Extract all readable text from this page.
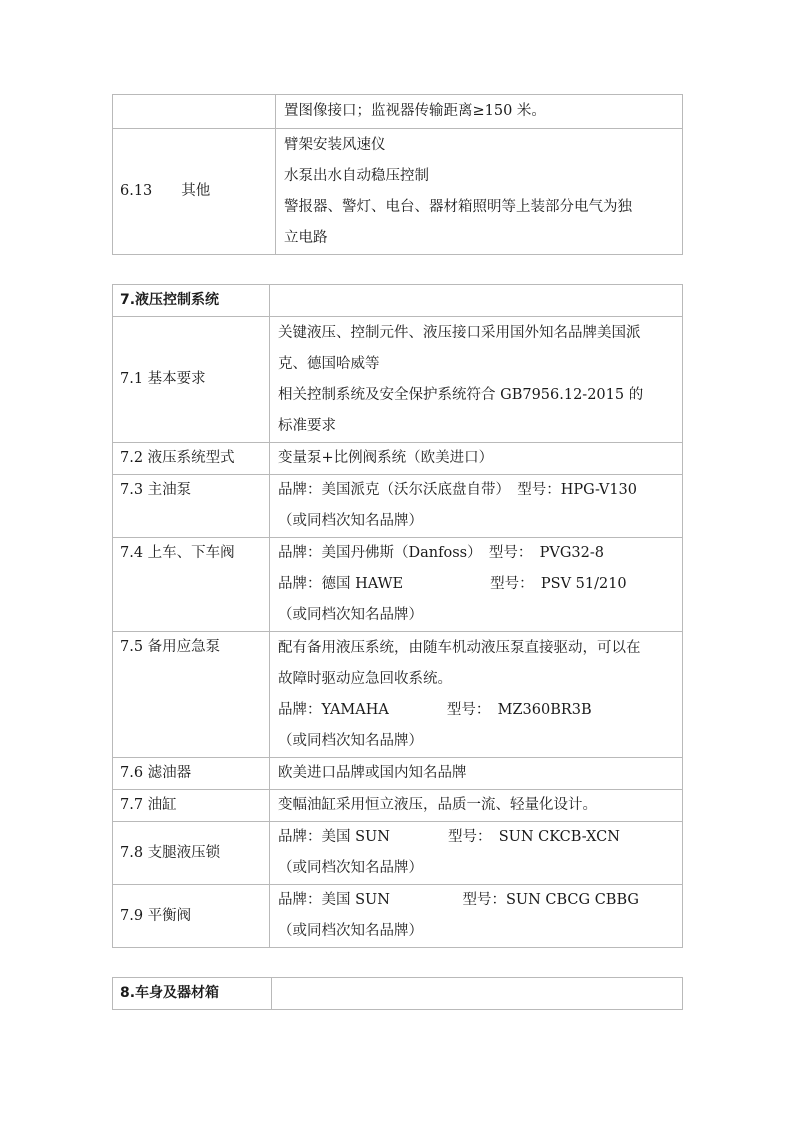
	置图像接口；监视器传输距离≥150 米。

6.13　　其他	臂架安装风速仪
水泵出水自动稳压控制
警报器、警灯、电台、器材箱照明等上装部分电气为独
立电路
7.液压控制系统	
7.1 基本要求	关键液压、控制元件、液压接口采用国外知名品牌美国派
克、德国哈威等
相关控制系统及安全保护系统符合 GB7956.12-2015 的
标准要求

7.2 液压系统型式	变量泵+比例阀系统（欧美进口）

7.3 主油泵	品牌：美国派克（沃尔沃底盘自带）　型号：HPG-V130
（或同档次知名品牌）

7.4 上车、下车阀	品牌：美国丹佛斯（Danfoss）　型号：　PVG32-8
品牌：德国 HAWE　　　　　　型号：　PSV 51/210
（或同档次知名品牌）

7.5 备用应急泵	配有备用液压系统，由随车机动液压泵直接驱动，可以在
故障时驱动应急回收系统。
品牌：YAMAHA　　　　型号：　MZ360BR3B
（或同档次知名品牌）

7.6 滤油器	欧美进口品牌或国内知名品牌

7.7 油缸	变幅油缸采用恒立液压，品质一流、轻量化设计。

7.8 支腿液压锁	品牌：美国 SUN　　　　型号：　SUN CKCB-XCN
（或同档次知名品牌）

7.9 平衡阀	品牌：美国 SUN　　　　　型号：SUN CBCG CBBG
（或同档次知名品牌）
8.车身及器材箱	
